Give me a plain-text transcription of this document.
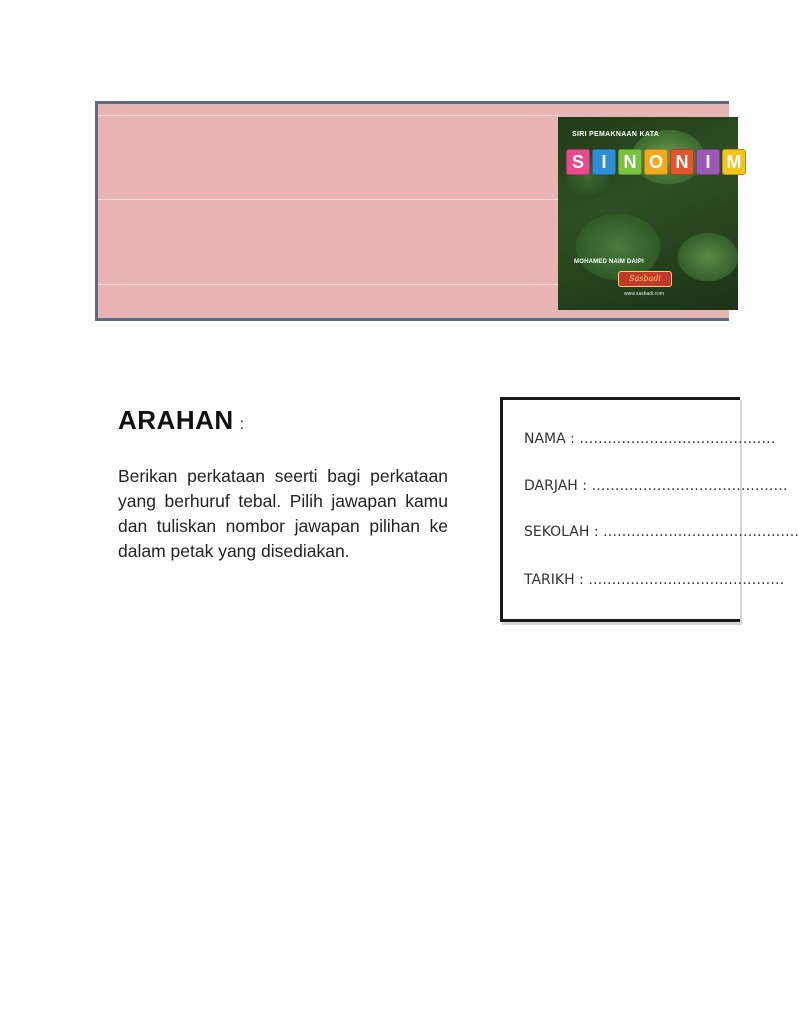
SIRI PEMAKNAAN KATA
S I N O N I M
MOHAMED NAIM DAIPI
Sasbadi
www.sasbadi.com
ARAHAN :
Berikan perkataan seerti bagi perkataan yang berhuruf tebal. Pilih jawapan kamu dan tuliskan nombor jawapan pilihan ke dalam petak yang disediakan.
NAMA : ……………………………………
DARJAH : ……………………………………
SEKOLAH : ……………………………………
TARIKH : ……………………………………
